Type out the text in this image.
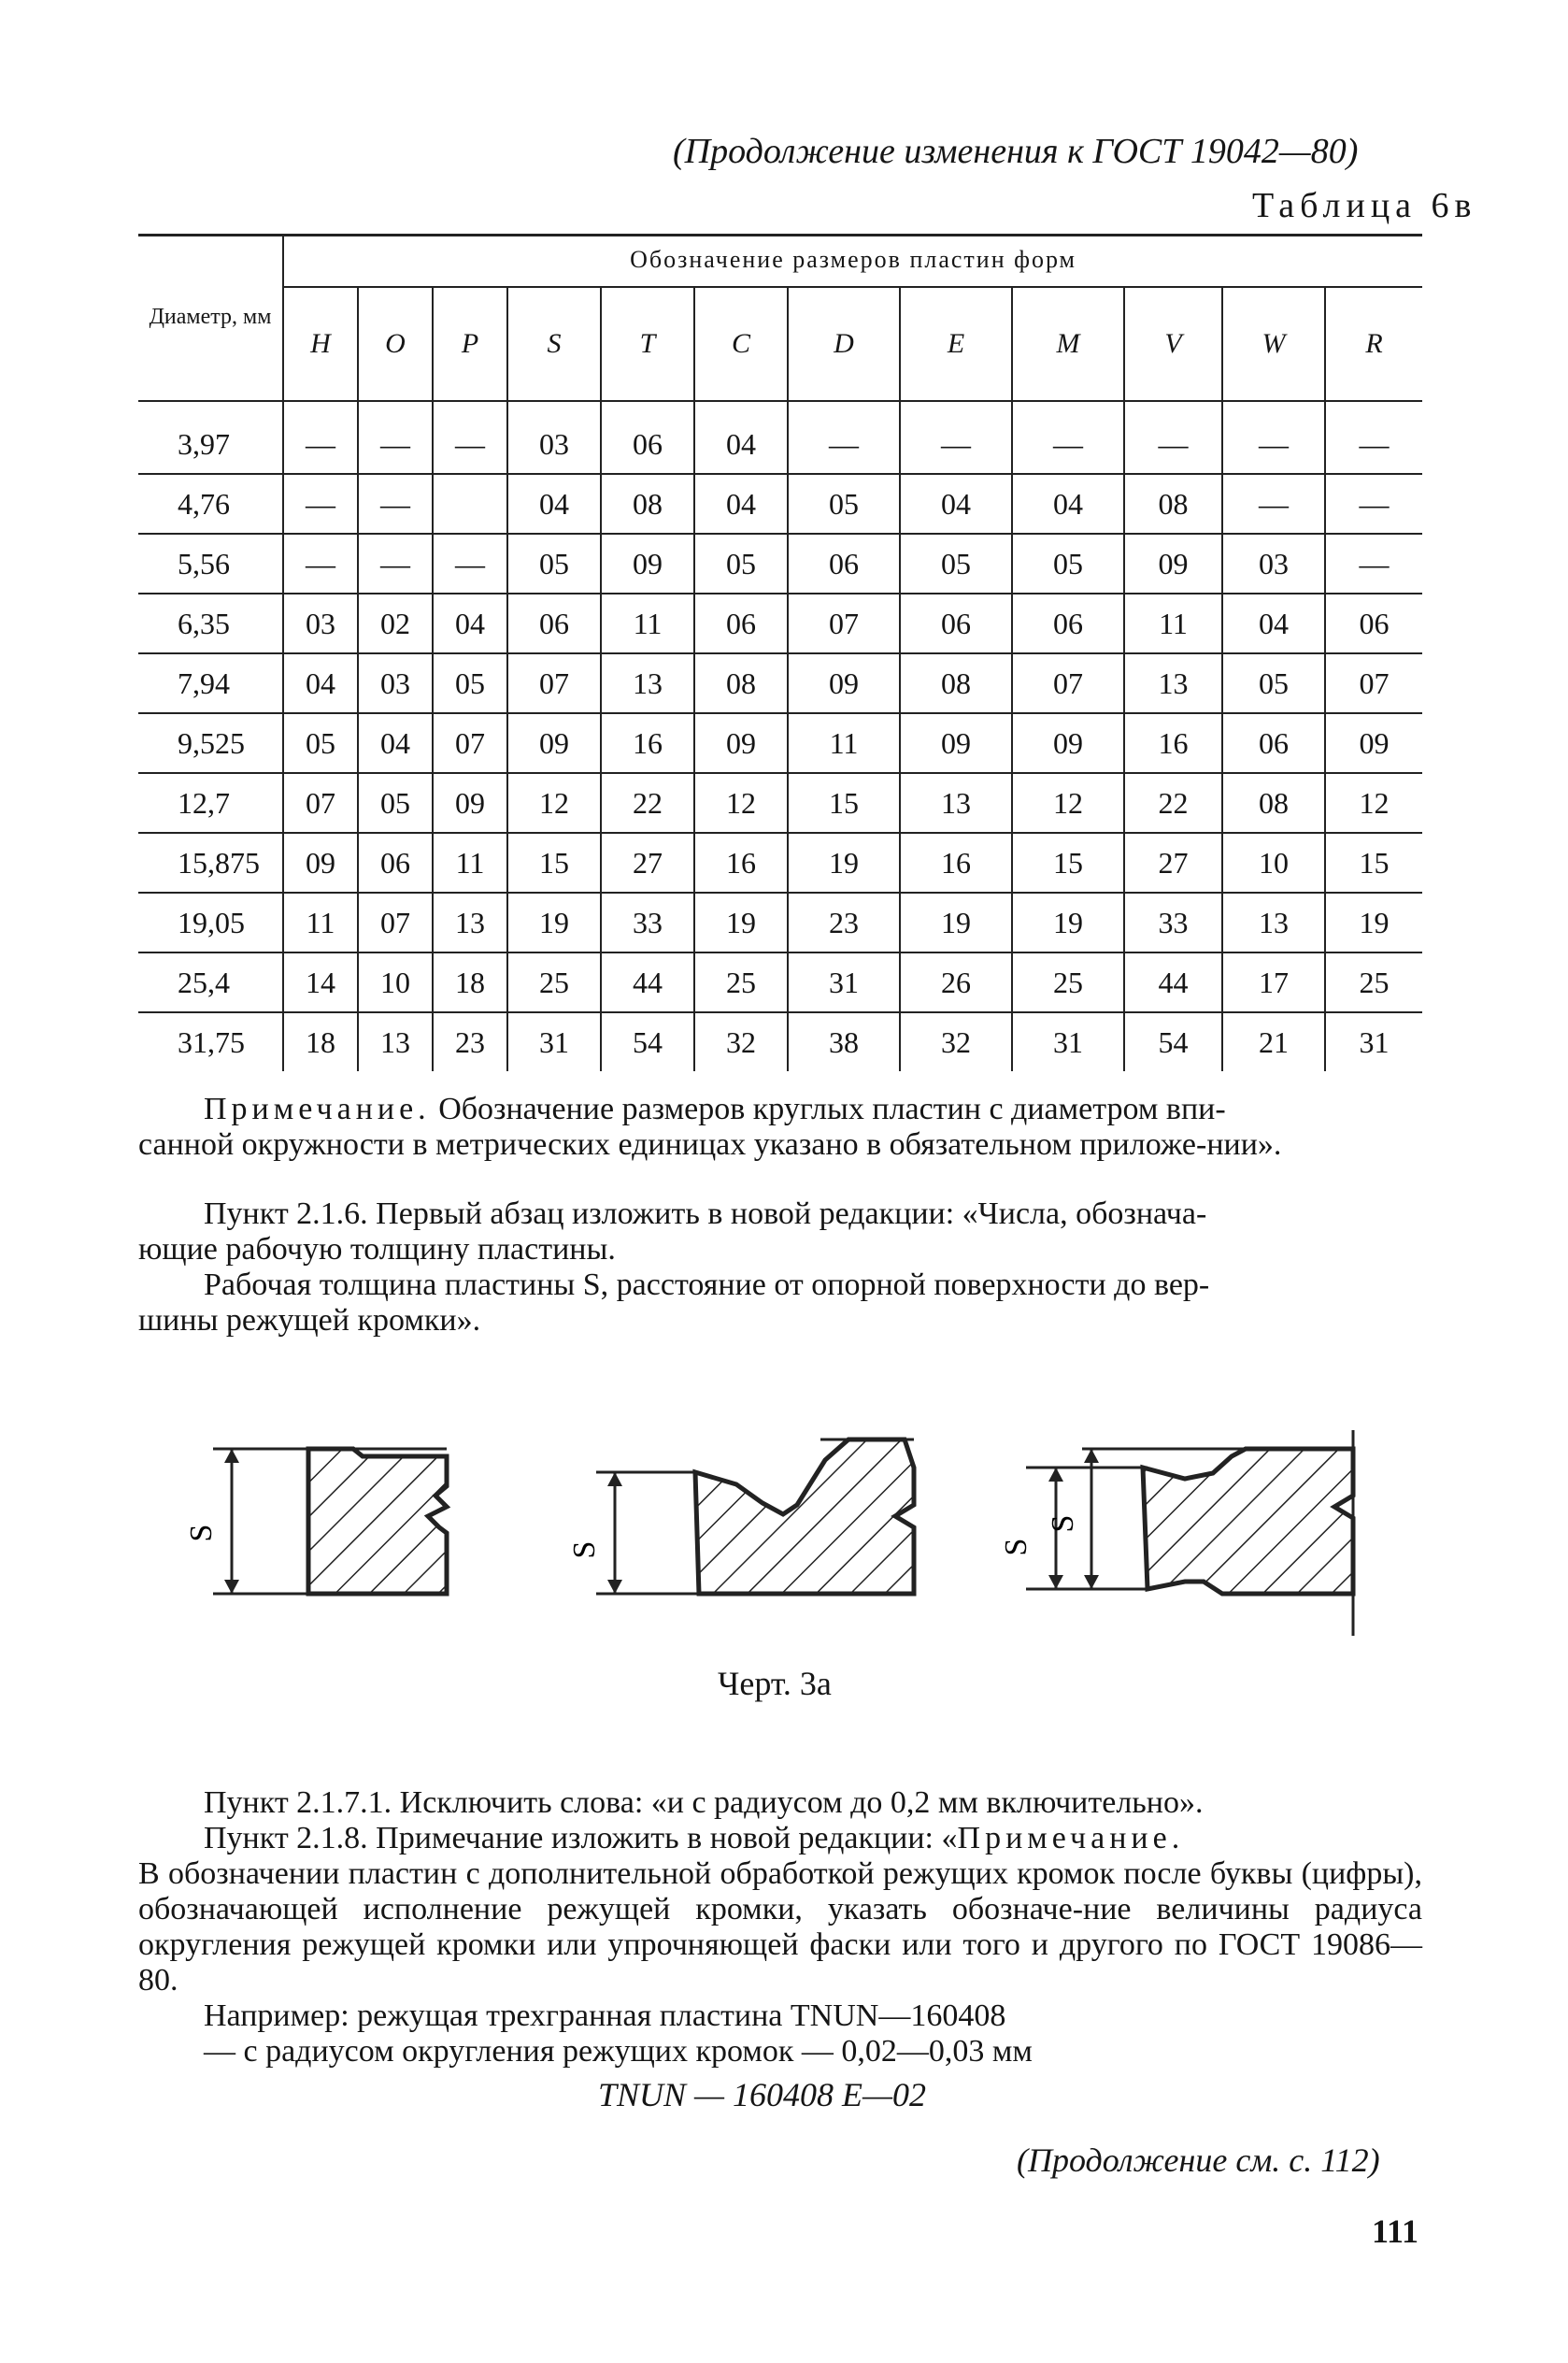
(Продолжение изменения к ГОСТ 19042—80)
Таблица 6в
Диаметр, мм	Обозначение размеров пластин форм											
	H	O	P	S	T	C	D	E	M	V	W	R

3,97	—	—	—	03	06	04	—	—	—	—	—	—
4,76	—	—		04	08	04	05	04	04	08	—	—
5,56	—	—	—	05	09	05	06	05	05	09	03	—
6,35	03	02	04	06	11	06	07	06	06	11	04	06
7,94	04	03	05	07	13	08	09	08	07	13	05	07
9,525	05	04	07	09	16	09	11	09	09	16	06	09
12,7	07	05	09	12	22	12	15	13	12	22	08	12
15,875	09	06	11	15	27	16	19	16	15	27	10	15
19,05	11	07	13	19	33	19	23	19	19	33	13	19
25,4	14	10	18	25	44	25	31	26	25	44	17	25
31,75	18	13	23	31	54	32	38	32	31	54	21	31
Примечание. Обозначение размеров круглых пластин с диаметром впи-
санной окружности в метрических единицах указано в обязательном приложе-нии».
Пункт 2.1.6. Первый абзац изложить в новой редакции: «Числа, обознача-
ющие рабочую толщину пластины.
Рабочая толщина пластины S, расстояние от опорной поверхности до вер-
шины режущей кромки».
S
S	S
S
Черт. 3а
Пункт 2.1.7.1. Исключить слова: «и с радиусом до 0,2 мм включительно».
Пункт 2.1.8. Примечание изложить в новой редакции: «Примечание.
В обозначении пластин с дополнительной обработкой режущих кромок после буквы (цифры), обозначающей исполнение режущей кромки, указать обозначе-ние величины радиуса округления режущей кромки или упрочняющей фаски или того и другого по ГОСТ 19086—80.
Например: режущая трехгранная пластина TNUN—160408
— с радиусом округления режущих кромок — 0,02—0,03 мм
TNUN — 160408 E—02
(Продолжение см. с. 112)
111
